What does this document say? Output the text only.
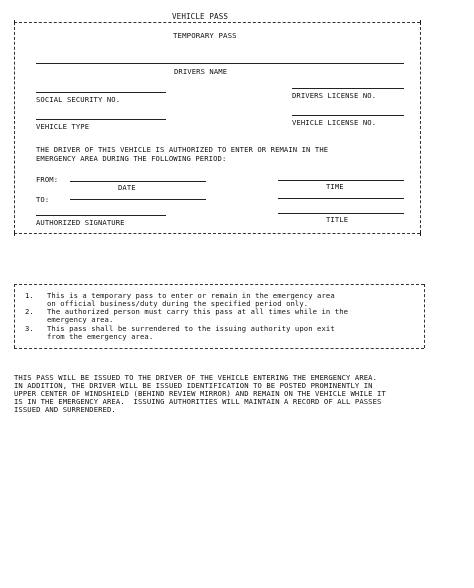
VEHICLE PASS
TEMPORARY PASS
DRIVERS NAME
SOCIAL SECURITY NO.	DRIVERS LICENSE NO.
VEHICLE TYPE	VEHICLE LICENSE NO.
THE DRIVER OF THIS VEHICLE IS AUTHORIZED TO ENTER OR REMAIN IN THE
EMERGENCY AREA DURING THE FOLLOWING PERIOD:
FROM:
DATE	TIME
TO:
AUTHORIZED SIGNATURE	TITLE
1. This is a temporary pass to enter or remain in the emergency area
on official business/duty during the specified period only.
2. The authorized person must carry this pass at all times while in the
emergency area.
3. This pass shall be surrendered to the issuing authority upon exit
from the emergency area.
THIS PASS WILL BE ISSUED TO THE DRIVER OF THE VEHICLE ENTERING THE EMERGENCY AREA.
IN ADDITION, THE DRIVER WILL BE ISSUED IDENTIFICATION TO BE POSTED PROMINENTLY IN
UPPER CENTER OF WINDSHIELD (BEHIND REVIEW MIRROR) AND REMAIN ON THE VEHICLE WHILE IT
IS IN THE EMERGENCY AREA.  ISSUING AUTHORITIES WILL MAINTAIN A RECORD OF ALL PASSES
ISSUED AND SURRENDERED.
